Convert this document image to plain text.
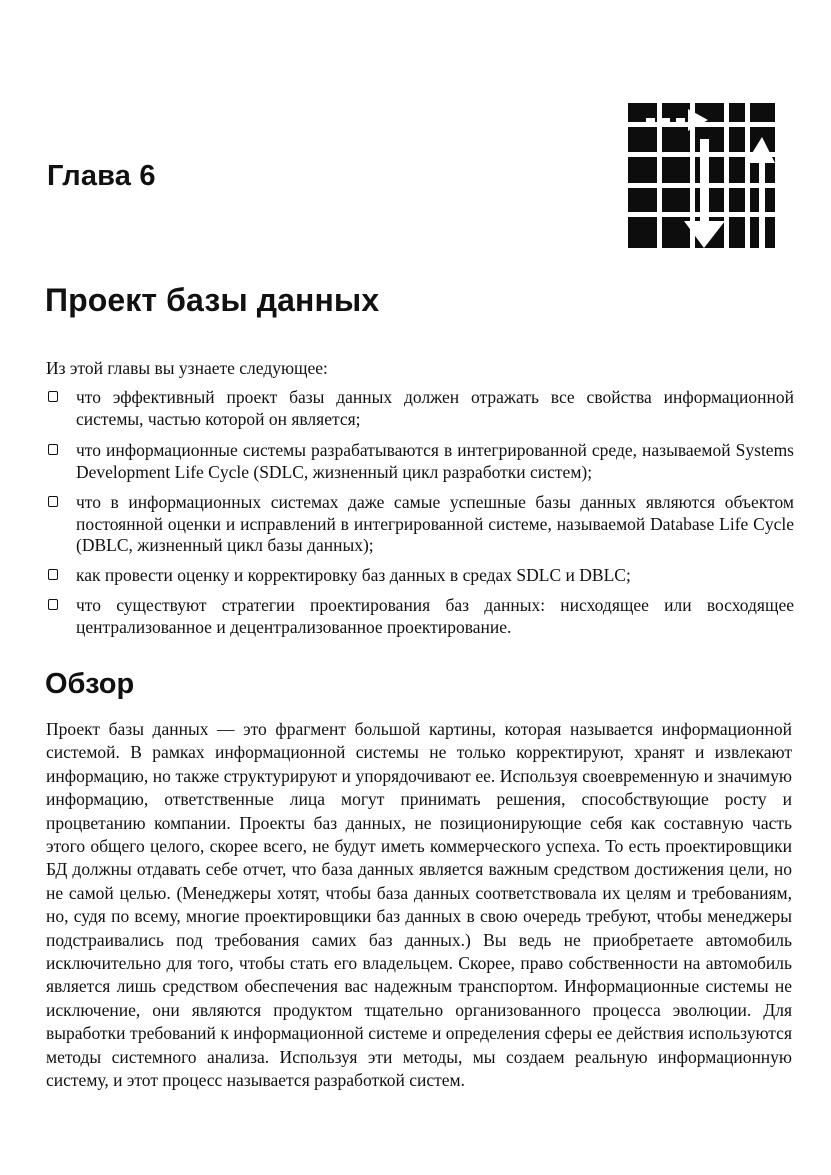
Глава 6
Проект базы данных

Из этой главы вы узнаете следующее:

что эффективный проект базы данных должен отражать все свойства информационной системы, частью которой он является;
что информационные системы разрабатываются в интегрированной среде, называемой Systems Development Life Cycle (SDLC, жизненный цикл разработки систем);
что в информационных системах даже самые успешные базы данных являются объектом постоянной оценки и исправлений в интегрированной системе, называемой Database Life Cycle (DBLC, жизненный цикл базы данных);
как провести оценку и корректировку баз данных в средах SDLC и DBLC;
что существуют стратегии проектирования баз данных: нисходящее или восходящее централизованное и децентрализованное проектирование.
Обзор

Проект базы данных — это фрагмент большой картины, которая называется информационной системой. В рамках информационной системы не только корректируют, хранят и извлекают информацию, но также структурируют и упорядочивают ее. Используя своевременную и значимую информацию, ответственные лица могут принимать решения, способствующие росту и процветанию компании. Проекты баз данных, не позиционирующие себя как составную часть этого общего целого, скорее всего, не будут иметь коммерческого успеха. То есть проектировщики БД должны отдавать себе отчет, что база данных является важным средством достижения цели, но не самой целью. (Менеджеры хотят, чтобы база данных соответствовала их целям и требованиям, но, судя по всему, многие проектировщики баз данных в свою очередь требуют, чтобы менеджеры подстраивались под требования самих баз данных.) Вы ведь не приобретаете автомобиль исключительно для того, чтобы стать его владельцем. Скорее, право собственности на автомобиль является лишь средством обеспечения вас надежным транспортом. Информационные системы не исключение, они являются продуктом тщательно организованного процесса эволюции. Для выработки требований к информационной системе и определения сферы ее действия используются методы системного анализа. Используя эти методы, мы создаем реальную информационную систему, и этот процесс называется разработкой систем.
